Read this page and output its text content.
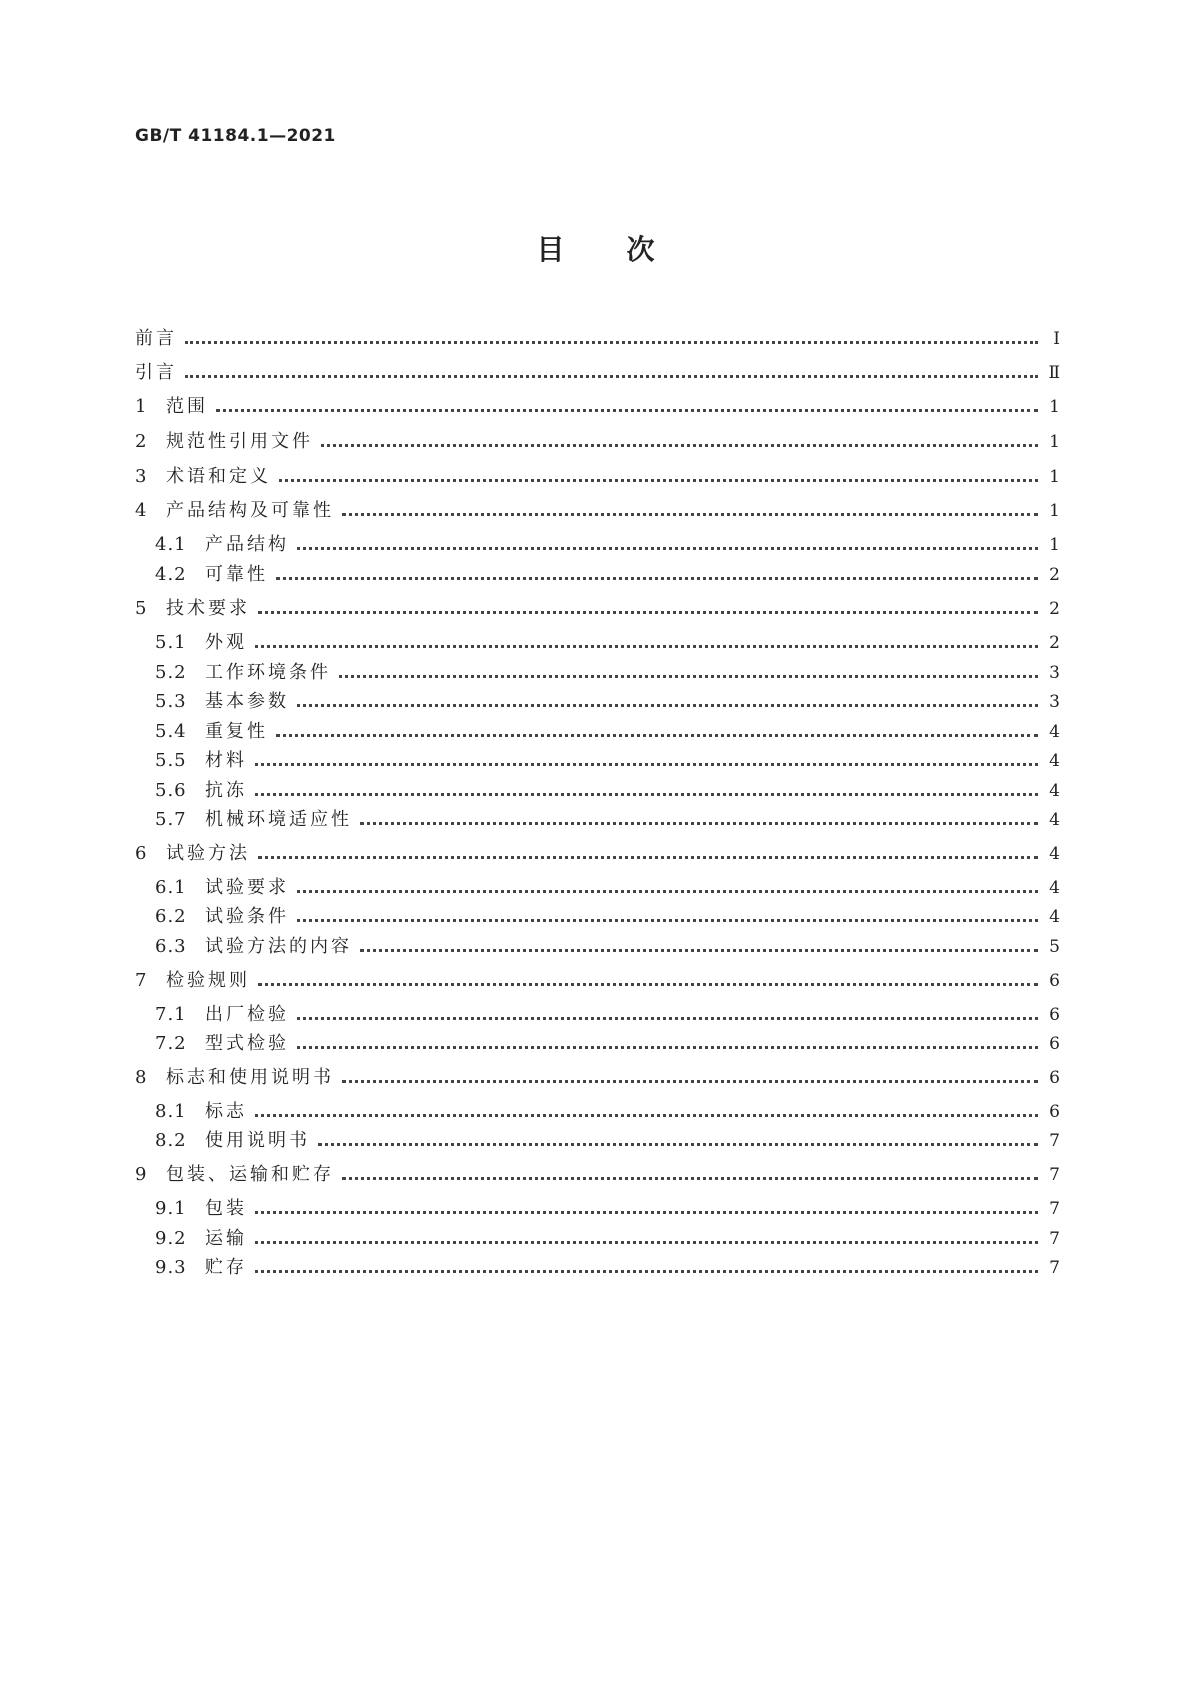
GB/T 41184.1—2021
目次
前言	Ⅰ
引言	Ⅱ
1	范围	1
2	规范性引用文件	1
3	术语和定义	1
4	产品结构及可靠性	1
4.1	产品结构	1
4.2	可靠性	2
5	技术要求	2
5.1	外观	2
5.2	工作环境条件	3
5.3	基本参数	3
5.4	重复性	4
5.5	材料	4
5.6	抗冻	4
5.7	机械环境适应性	4
6	试验方法	4
6.1	试验要求	4
6.2	试验条件	4
6.3	试验方法的内容	5
7	检验规则	6
7.1	出厂检验	6
7.2	型式检验	6
8	标志和使用说明书	6
8.1	标志	6
8.2	使用说明书	7
9	包装、运输和贮存	7
9.1	包装	7
9.2	运输	7
9.3	贮存	7
